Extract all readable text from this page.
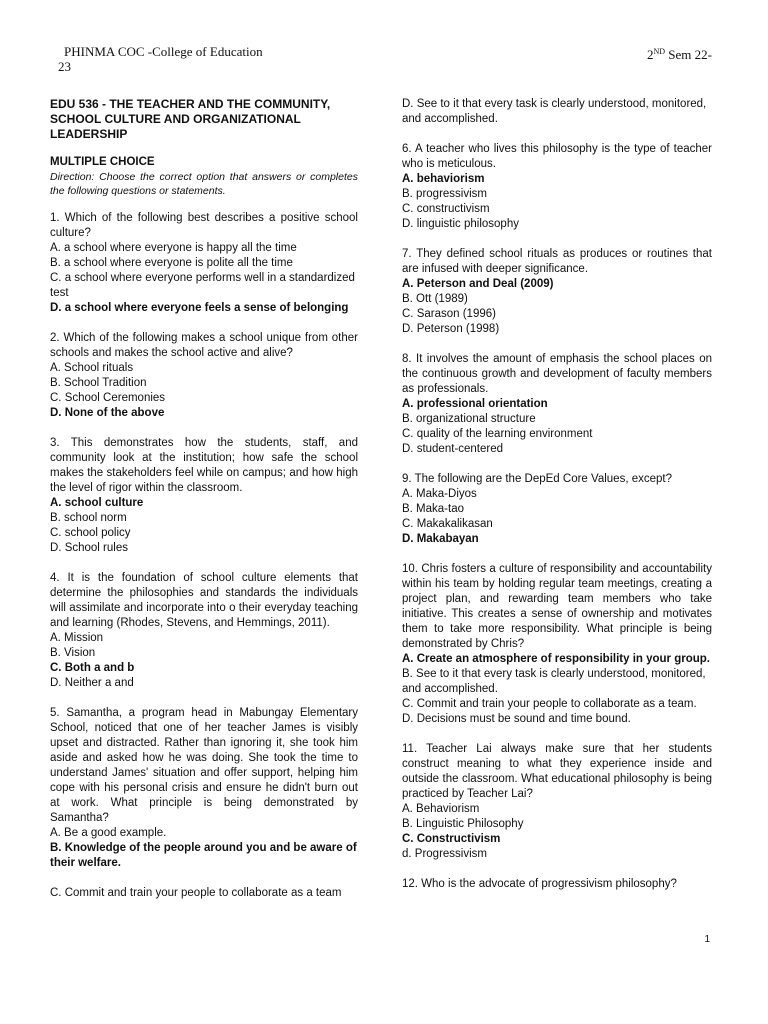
PHINMA COC -College of Education	2ND Sem 22-
23
EDU 536 - THE TEACHER AND THE COMMUNITY, SCHOOL CULTURE AND ORGANIZATIONAL LEADERSHIP
MULTIPLE CHOICE
Direction: Choose the correct option that answers or completes the following questions or statements.
1. Which of the following best describes a positive school culture?
A. a school where everyone is happy all the time
B. a school where everyone is polite all the time
C. a school where everyone performs well in a standardized test
D. a school where everyone feels a sense of belonging
2. Which of the following makes a school unique from other schools and makes the school active and alive?
A. School rituals
B. School Tradition
C. School Ceremonies
D. None of the above
3. This demonstrates how the students, staff, and community look at the institution; how safe the school makes the stakeholders feel while on campus; and how high the level of rigor within the classroom.
A. school culture
B. school norm
C. school policy
D. School rules
4. It is the foundation of school culture elements that determine the philosophies and standards the individuals will assimilate and incorporate into o their everyday teaching and learning (Rhodes, Stevens, and Hemmings, 2011).
A. Mission
B. Vision
C. Both a and b
D. Neither a and
5. Samantha, a program head in Mabungay Elementary School, noticed that one of her teacher James is visibly upset and distracted. Rather than ignoring it, she took him aside and asked how he was doing. She took the time to understand James' situation and offer support, helping him cope with his personal crisis and ensure he didn't burn out at work. What principle is being demonstrated by Samantha?
A. Be a good example.
B. Knowledge of the people around you and be aware of their welfare.
C. Commit and train your people to collaborate as a team
D. See to it that every task is clearly understood, monitored, and accomplished.
6. A teacher who lives this philosophy is the type of teacher who is meticulous.
A. behaviorism
B. progressivism
C. constructivism
D. linguistic philosophy
7. They defined school rituals as produces or routines that are infused with deeper significance.
A. Peterson and Deal (2009)
B. Ott (1989)
C. Sarason (1996)
D. Peterson (1998)
8. It involves the amount of emphasis the school places on the continuous growth and development of faculty members as professionals.
A. professional orientation
B. organizational structure
C. quality of the learning environment
D. student-centered
9. The following are the DepEd Core Values, except?
A. Maka-Diyos
B. Maka-tao
C. Makakalikasan
D. Makabayan
10. Chris fosters a culture of responsibility and accountability within his team by holding regular team meetings, creating a project plan, and rewarding team members who take initiative. This creates a sense of ownership and motivates them to take more responsibility. What principle is being demonstrated by Chris?
A. Create an atmosphere of responsibility in your group.
B. See to it that every task is clearly understood, monitored, and accomplished.
C. Commit and train your people to collaborate as a team.
D. Decisions must be sound and time bound.
11. Teacher Lai always make sure that her students construct meaning to what they experience inside and outside the classroom. What educational philosophy is being practiced by Teacher Lai?
A. Behaviorism
B. Linguistic Philosophy
C. Constructivism
d. Progressivism
12. Who is the advocate of progressivism philosophy?
1
